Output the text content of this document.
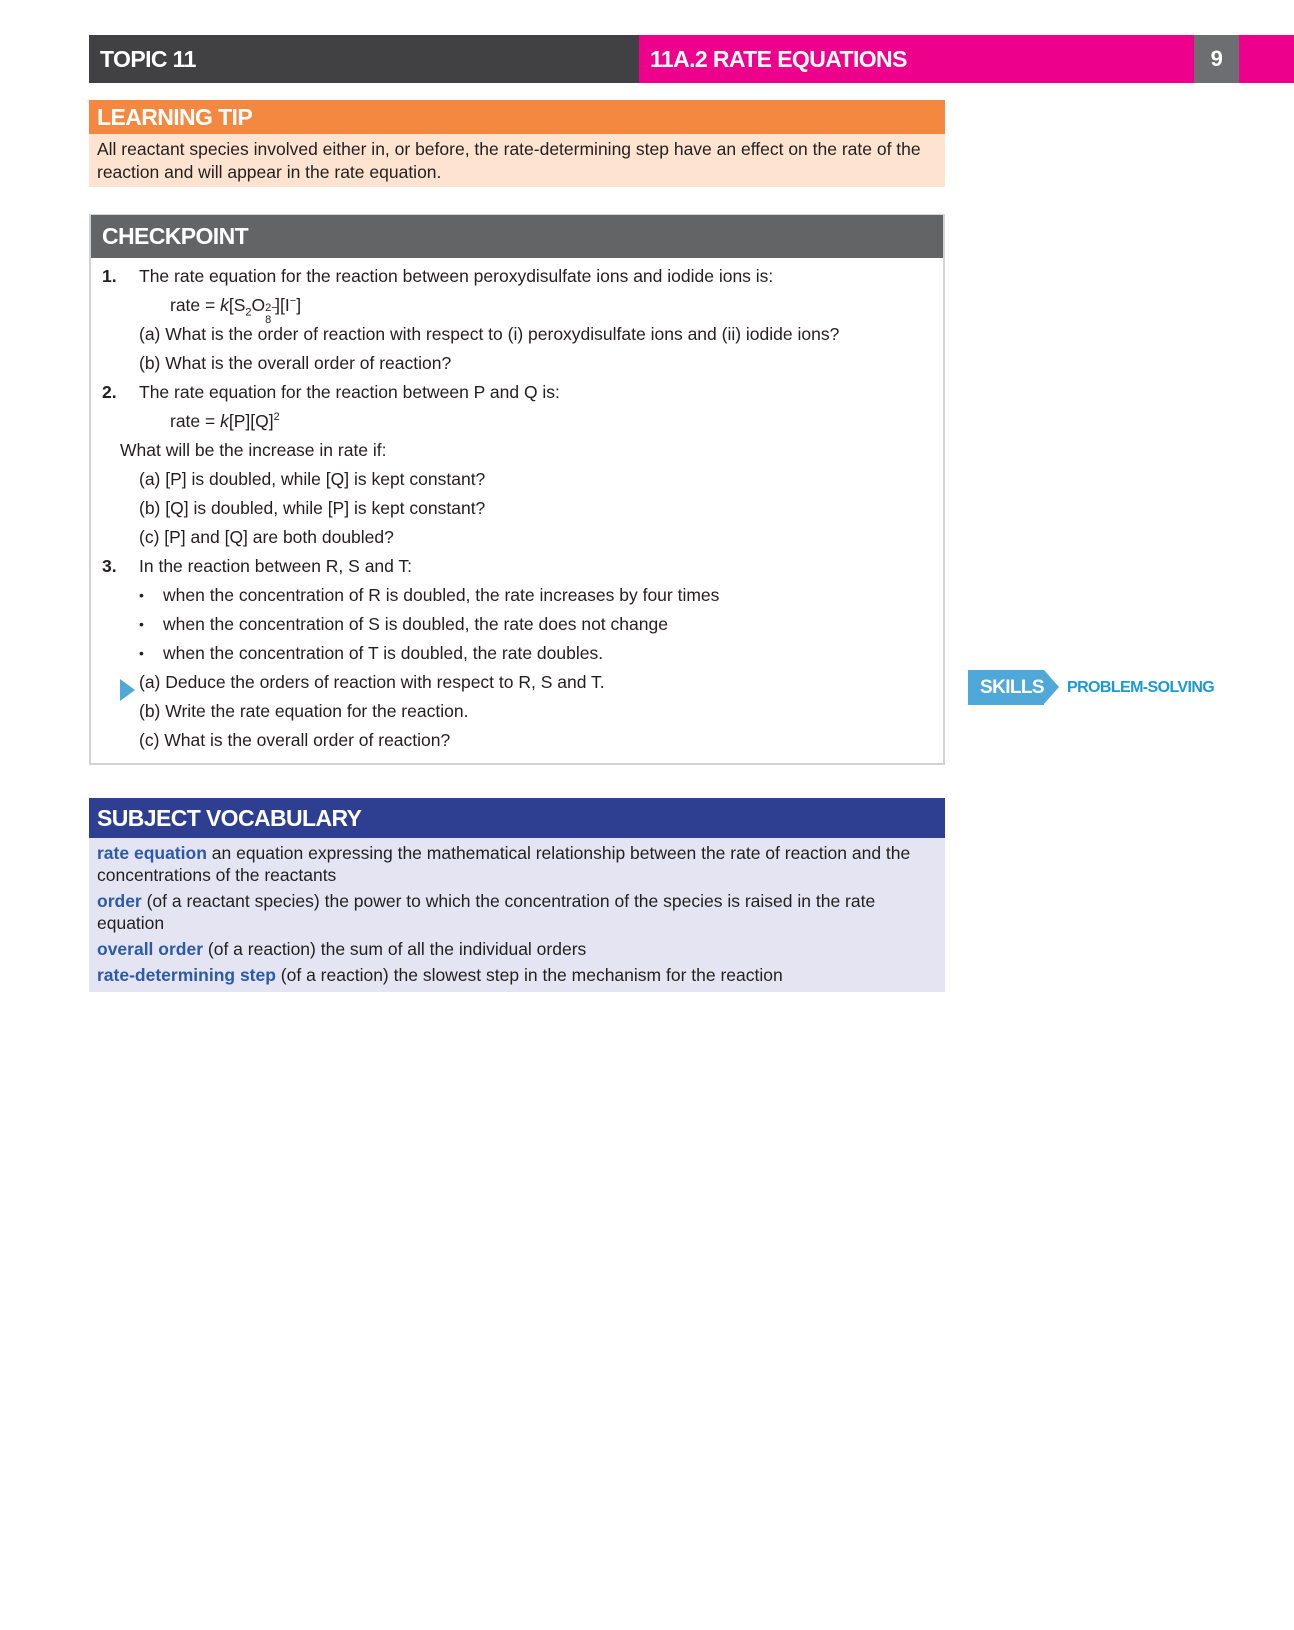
TOPIC 11	11A.2 RATE EQUATIONS	9
LEARNING TIP
All reactant species involved either in, or before, the rate-determining step have an effect on the rate of the
reaction and will appear in the rate equation.
CHECKPOINT
1. The rate equation for the reaction between peroxydisulfate ions and iodide ions is:
rate = $k[S_2O$ 2−
8
][I−]
(a) What is the order of reaction with respect to (i) peroxydisulfate ions and (ii) iodide ions?
(b) What is the overall order of reaction?
2. The rate equation for the reaction between P and Q is:
rate = $k[P][Q]^2$
What will be the increase in rate if:
(a) [P] is doubled, while [Q] is kept constant?
(b) [Q] is doubled, while [P] is kept constant?
(c) [P] and [Q] are both doubled?
3. In the reaction between R, S and T:
• when the concentration of R is doubled, the rate increases by four times
• when the concentration of S is doubled, the rate does not change
• when the concentration of T is doubled, the rate doubles.
(a) Deduce the orders of reaction with respect to R, S and T.
(b) Write the rate equation for the reaction.
(c) What is the overall order of reaction?
SKILLS PROBLEM-SOLVING
SUBJECT VOCABULARY
rate equation an equation expressing the mathematical relationship between the rate of reaction and the
concentrations of the reactants
order (of a reactant species) the power to which the concentration of the species is raised in the rate
equation
overall order (of a reaction) the sum of all the individual orders
rate-determining step (of a reaction) the slowest step in the mechanism for the reaction
